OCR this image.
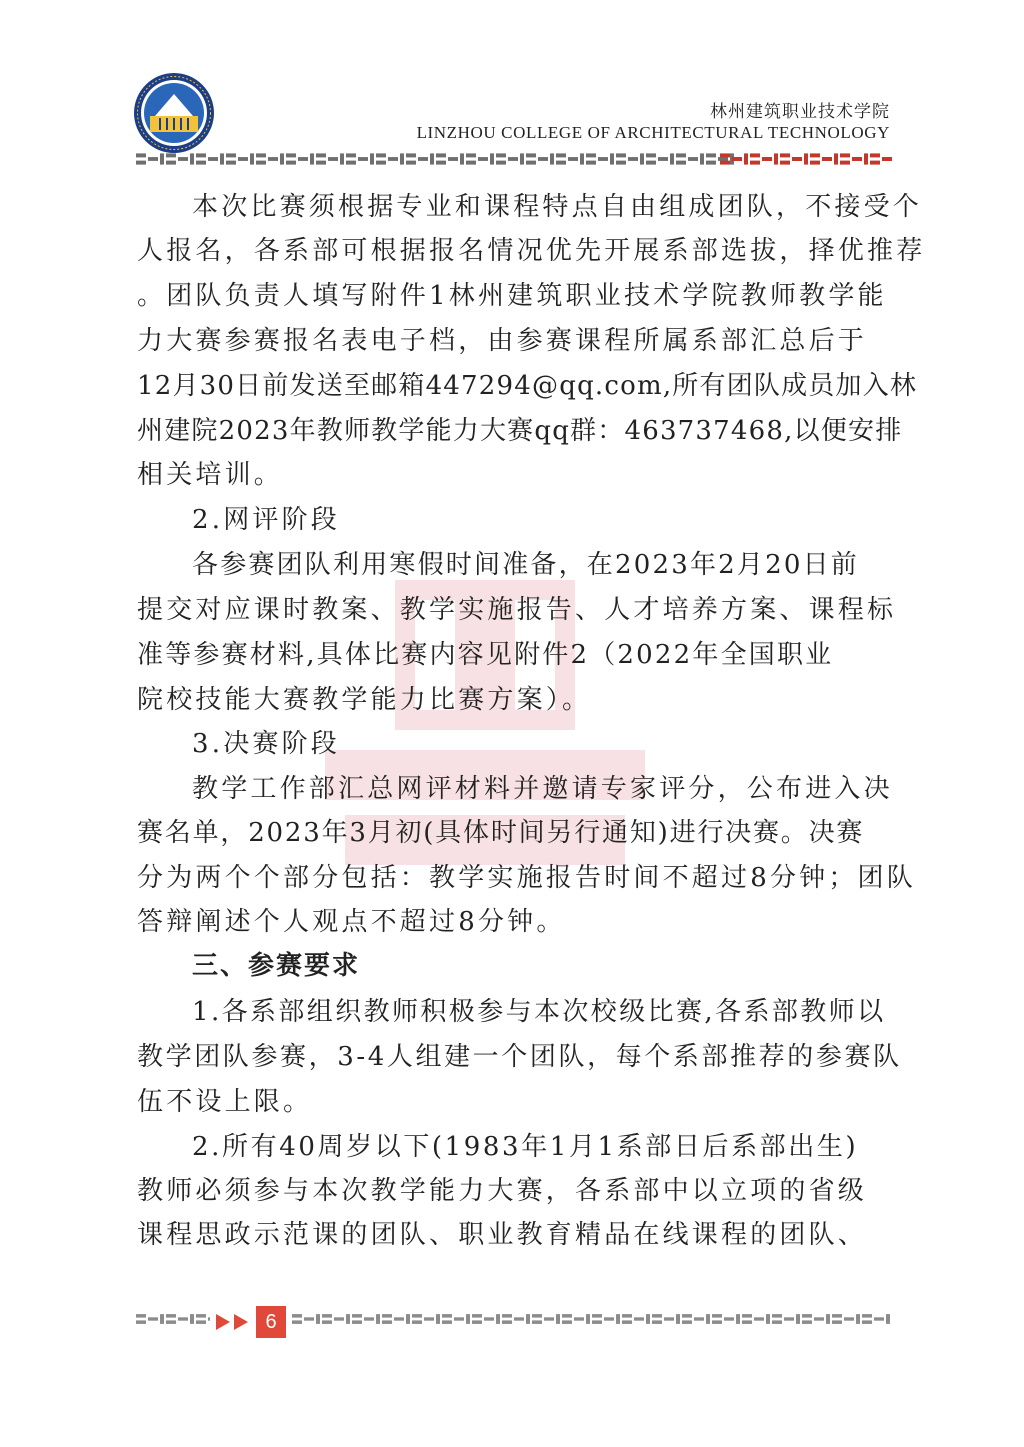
林州建筑职业技术学院
LINZHOU COLLEGE OF ARCHITECTURAL TECHNOLOGY
本次比赛须根据专业和课程特点自由组成团队，不接受个
人报名，各系部可根据报名情况优先开展系部选拔，择优推荐
。团队负责人填写附件1林州建筑职业技术学院教师教学能
力大赛参赛报名表电子档，由参赛课程所属系部汇总后于
12月30日前发送至邮箱447294@qq.com,所有团队成员加入林
州建院2023年教师教学能力大赛qq群：463737468,以便安排
相关培训。
2.网评阶段
各参赛团队利用寒假时间准备，在2023年2月20日前
提交对应课时教案、教学实施报告、人才培养方案、课程标
准等参赛材料,具体比赛内容见附件2（2022年全国职业
院校技能大赛教学能力比赛方案）。
3.决赛阶段
教学工作部汇总网评材料并邀请专家评分，公布进入决
赛名单，2023年3月初(具体时间另行通知)进行决赛。决赛
分为两个个部分包括：教学实施报告时间不超过8分钟；团队
答辩阐述个人观点不超过8分钟。
三、参赛要求
1.各系部组织教师积极参与本次校级比赛,各系部教师以
教学团队参赛，3-4人组建一个团队，每个系部推荐的参赛队
伍不设上限。
2.所有40周岁以下(1983年1月1系部日后系部出生)
教师必须参与本次教学能力大赛，各系部中以立项的省级
课程思政示范课的团队、职业教育精品在线课程的团队、
6
